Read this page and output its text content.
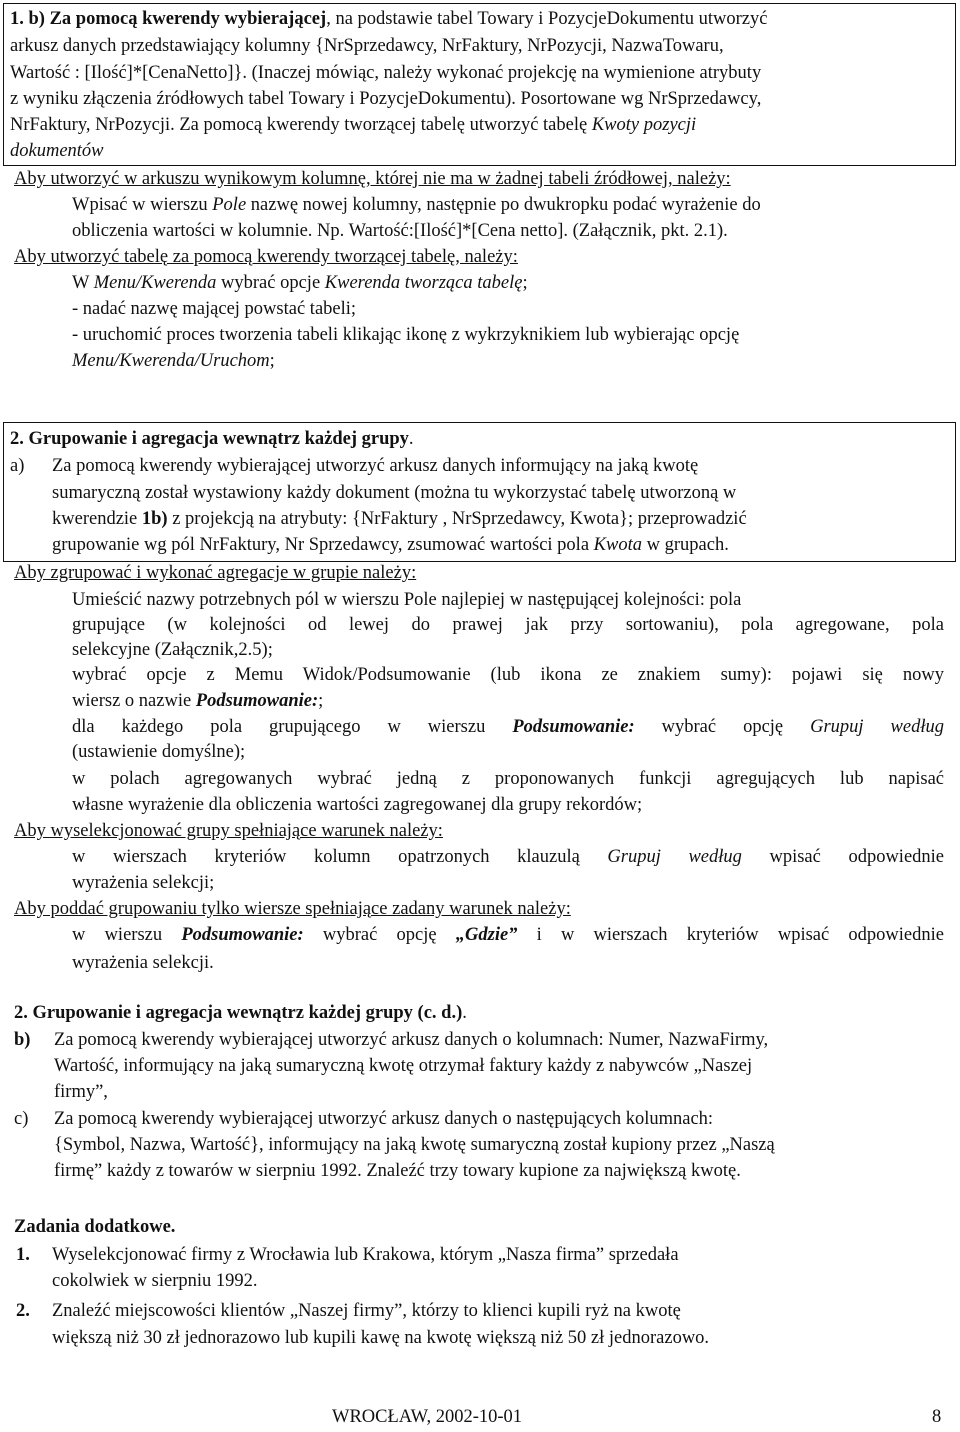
1. b) Za pomocą kwerendy wybierającej, na podstawie tabel Towary i PozycjeDokumentu utworzyć
arkusz danych przedstawiający kolumny {NrSprzedawcy, NrFaktury, NrPozycji, NazwaTowaru,
Wartość : [Ilość]*[CenaNetto]}. (Inaczej mówiąc, należy wykonać projekcję na wymienione atrybuty
z wyniku złączenia źródłowych tabel Towary i PozycjeDokumentu). Posortowane wg NrSprzedawcy,
NrFaktury, NrPozycji. Za pomocą kwerendy tworzącej tabelę utworzyć tabelę Kwoty pozycji
dokumentów
Aby utworzyć w arkuszu wynikowym kolumnę, której nie ma w żadnej tabeli źródłowej, należy:
Wpisać w wierszu Pole nazwę nowej kolumny, następnie po dwukropku podać wyrażenie do
obliczenia wartości w kolumnie. Np. Wartość:[Ilość]*[Cena netto]. (Załącznik, pkt. 2.1).
Aby utworzyć tabelę za pomocą kwerendy tworzącej tabelę, należy:
W Menu/Kwerenda wybrać opcje Kwerenda tworząca tabelę;
- nadać nazwę mającej powstać tabeli;
- uruchomić proces tworzenia tabeli klikając ikonę z wykrzyknikiem lub wybierając opcję
Menu/Kwerenda/Uruchom;
2. Grupowanie i agregacja wewnątrz każdej grupy.
a) Za pomocą kwerendy wybierającej utworzyć arkusz danych informujący na jaką kwotę
sumaryczną został wystawiony każdy dokument (można tu wykorzystać tabelę utworzoną w
kwerendzie 1b) z projekcją na atrybuty: {NrFaktury , NrSprzedawcy, Kwota}; przeprowadzić
grupowanie wg pól NrFaktury, Nr Sprzedawcy, zsumować wartości pola Kwota w grupach.
Aby zgrupować i wykonać agregacje w grupie należy:
Umieścić nazwy potrzebnych pól w wierszu Pole najlepiej w następującej kolejności: pola
grupujące (w kolejności od lewej do prawej jak przy sortowaniu), pola agregowane, pola
selekcyjne (Załącznik,2.5);
wybrać opcje z Memu Widok/Podsumowanie (lub ikona ze znakiem sumy): pojawi się nowy
wiersz o nazwie Podsumowanie:;
dla każdego pola grupującego w wierszu Podsumowanie: wybrać opcję Grupuj według
(ustawienie domyślne);
w polach agregowanych wybrać jedną z proponowanych funkcji agregujących lub napisać
własne wyrażenie dla obliczenia wartości zagregowanej dla grupy rekordów;
Aby wyselekcjonować grupy spełniające warunek należy:
w wierszach kryteriów kolumn opatrzonych klauzulą Grupuj według wpisać odpowiednie
wyrażenia selekcji;
Aby poddać grupowaniu tylko wiersze spełniające zadany warunek należy:
w wierszu Podsumowanie: wybrać opcję „Gdzie” i w wierszach kryteriów wpisać odpowiednie
wyrażenia selekcji.
2. Grupowanie i agregacja wewnątrz każdej grupy (c. d.).
b) Za pomocą kwerendy wybierającej utworzyć arkusz danych o kolumnach: Numer, NazwaFirmy,
Wartość, informujący na jaką sumaryczną kwotę otrzymał faktury każdy z nabywców „Naszej
firmy”,
c) Za pomocą kwerendy wybierającej utworzyć arkusz danych o następujących kolumnach:
{Symbol, Nazwa, Wartość}, informujący na jaką kwotę sumaryczną został kupiony przez „Naszą
firmę” każdy z towarów w sierpniu 1992. Znaleźć trzy towary kupione za największą kwotę.
Zadania dodatkowe.
1. Wyselekcjonować firmy z Wrocławia lub Krakowa, którym „Nasza firma” sprzedała
cokolwiek w sierpniu 1992.
2. Znaleźć miejscowości klientów „Naszej firmy”, którzy to klienci kupili ryż na kwotę
większą niż 30 zł jednorazowo lub kupili kawę na kwotę większą niż 50 zł jednorazowo.
WROCŁAW, 2002-10-01	8
